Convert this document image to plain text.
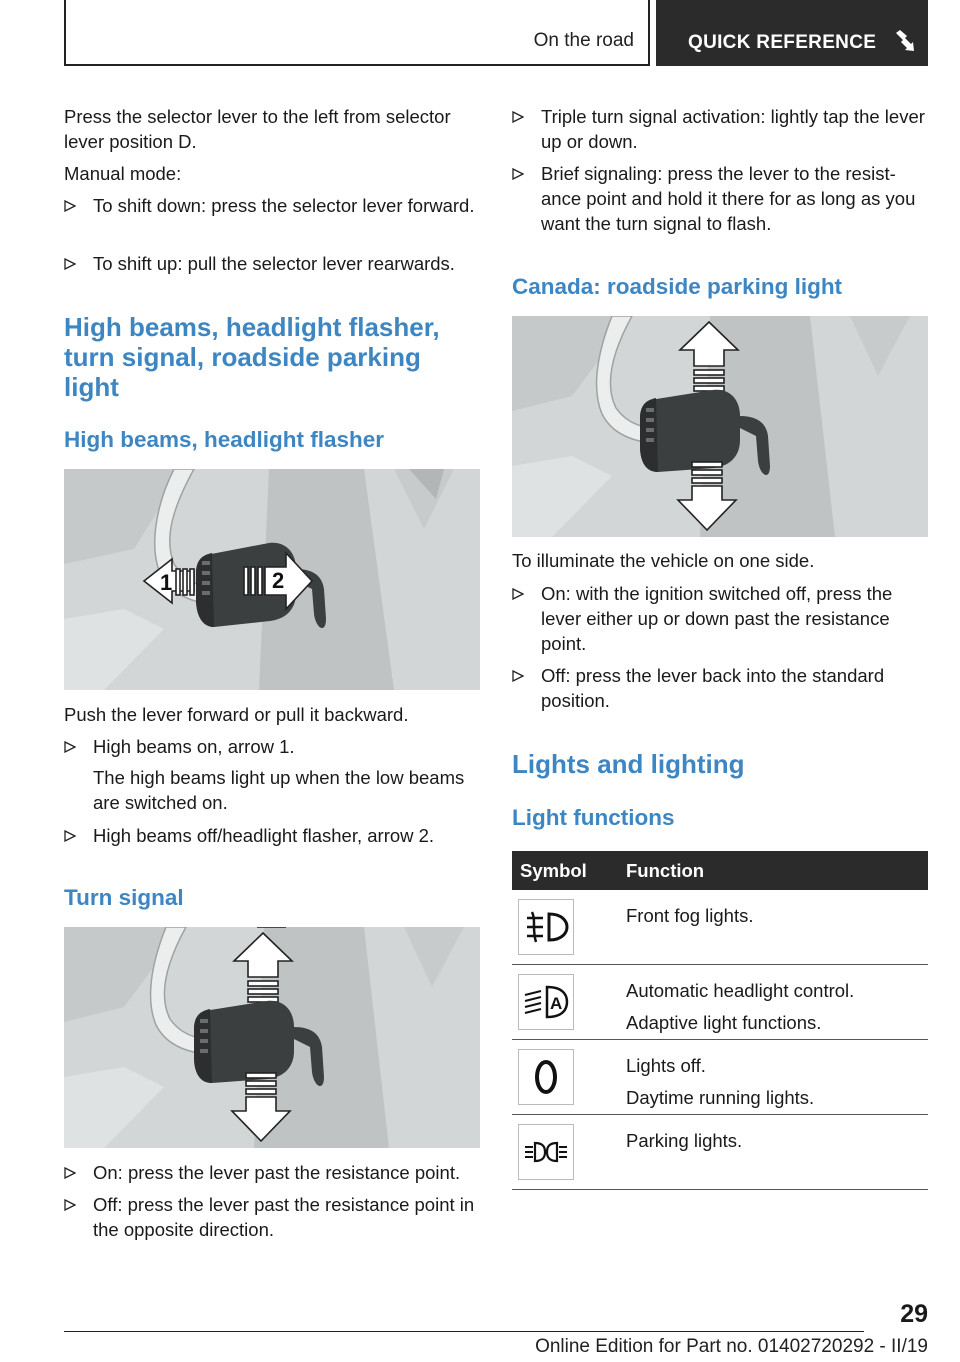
On the road	QUICK REFERENCE
Press the selector lever to the left from selector lever position D.
Manual mode:
To shift down: press the selector lever forward.
To shift up: pull the selector lever rearwards.
High beams, headlight flasher, turn signal, roadside parking light
High beams, headlight flasher
1	2
Push the lever forward or pull it backward.
High beams on, arrow 1.
The high beams light up when the low beams are switched on.
High beams off/headlight flasher, arrow 2.
Turn signal
On: press the lever past the resistance point.
Off: press the lever past the resistance point in the opposite direction.
Triple turn signal activation: lightly tap the lever up or down.
Brief signaling: press the lever to the resistance point and hold it there for as long as you want the turn signal to flash.
Canada: roadside parking light
To illuminate the vehicle on one side.
On: with the ignition switched off, press the lever either up or down past the resistance point.
Off: press the lever back into the standard position.
Lights and lighting
Light functions
Symbol Function
Front fog lights.
A
Automatic headlight control.
Adaptive light functions.
Lights off.
Daytime running lights.
Parking lights.
29
Online Edition for Part no. 01402720292 - II/19
